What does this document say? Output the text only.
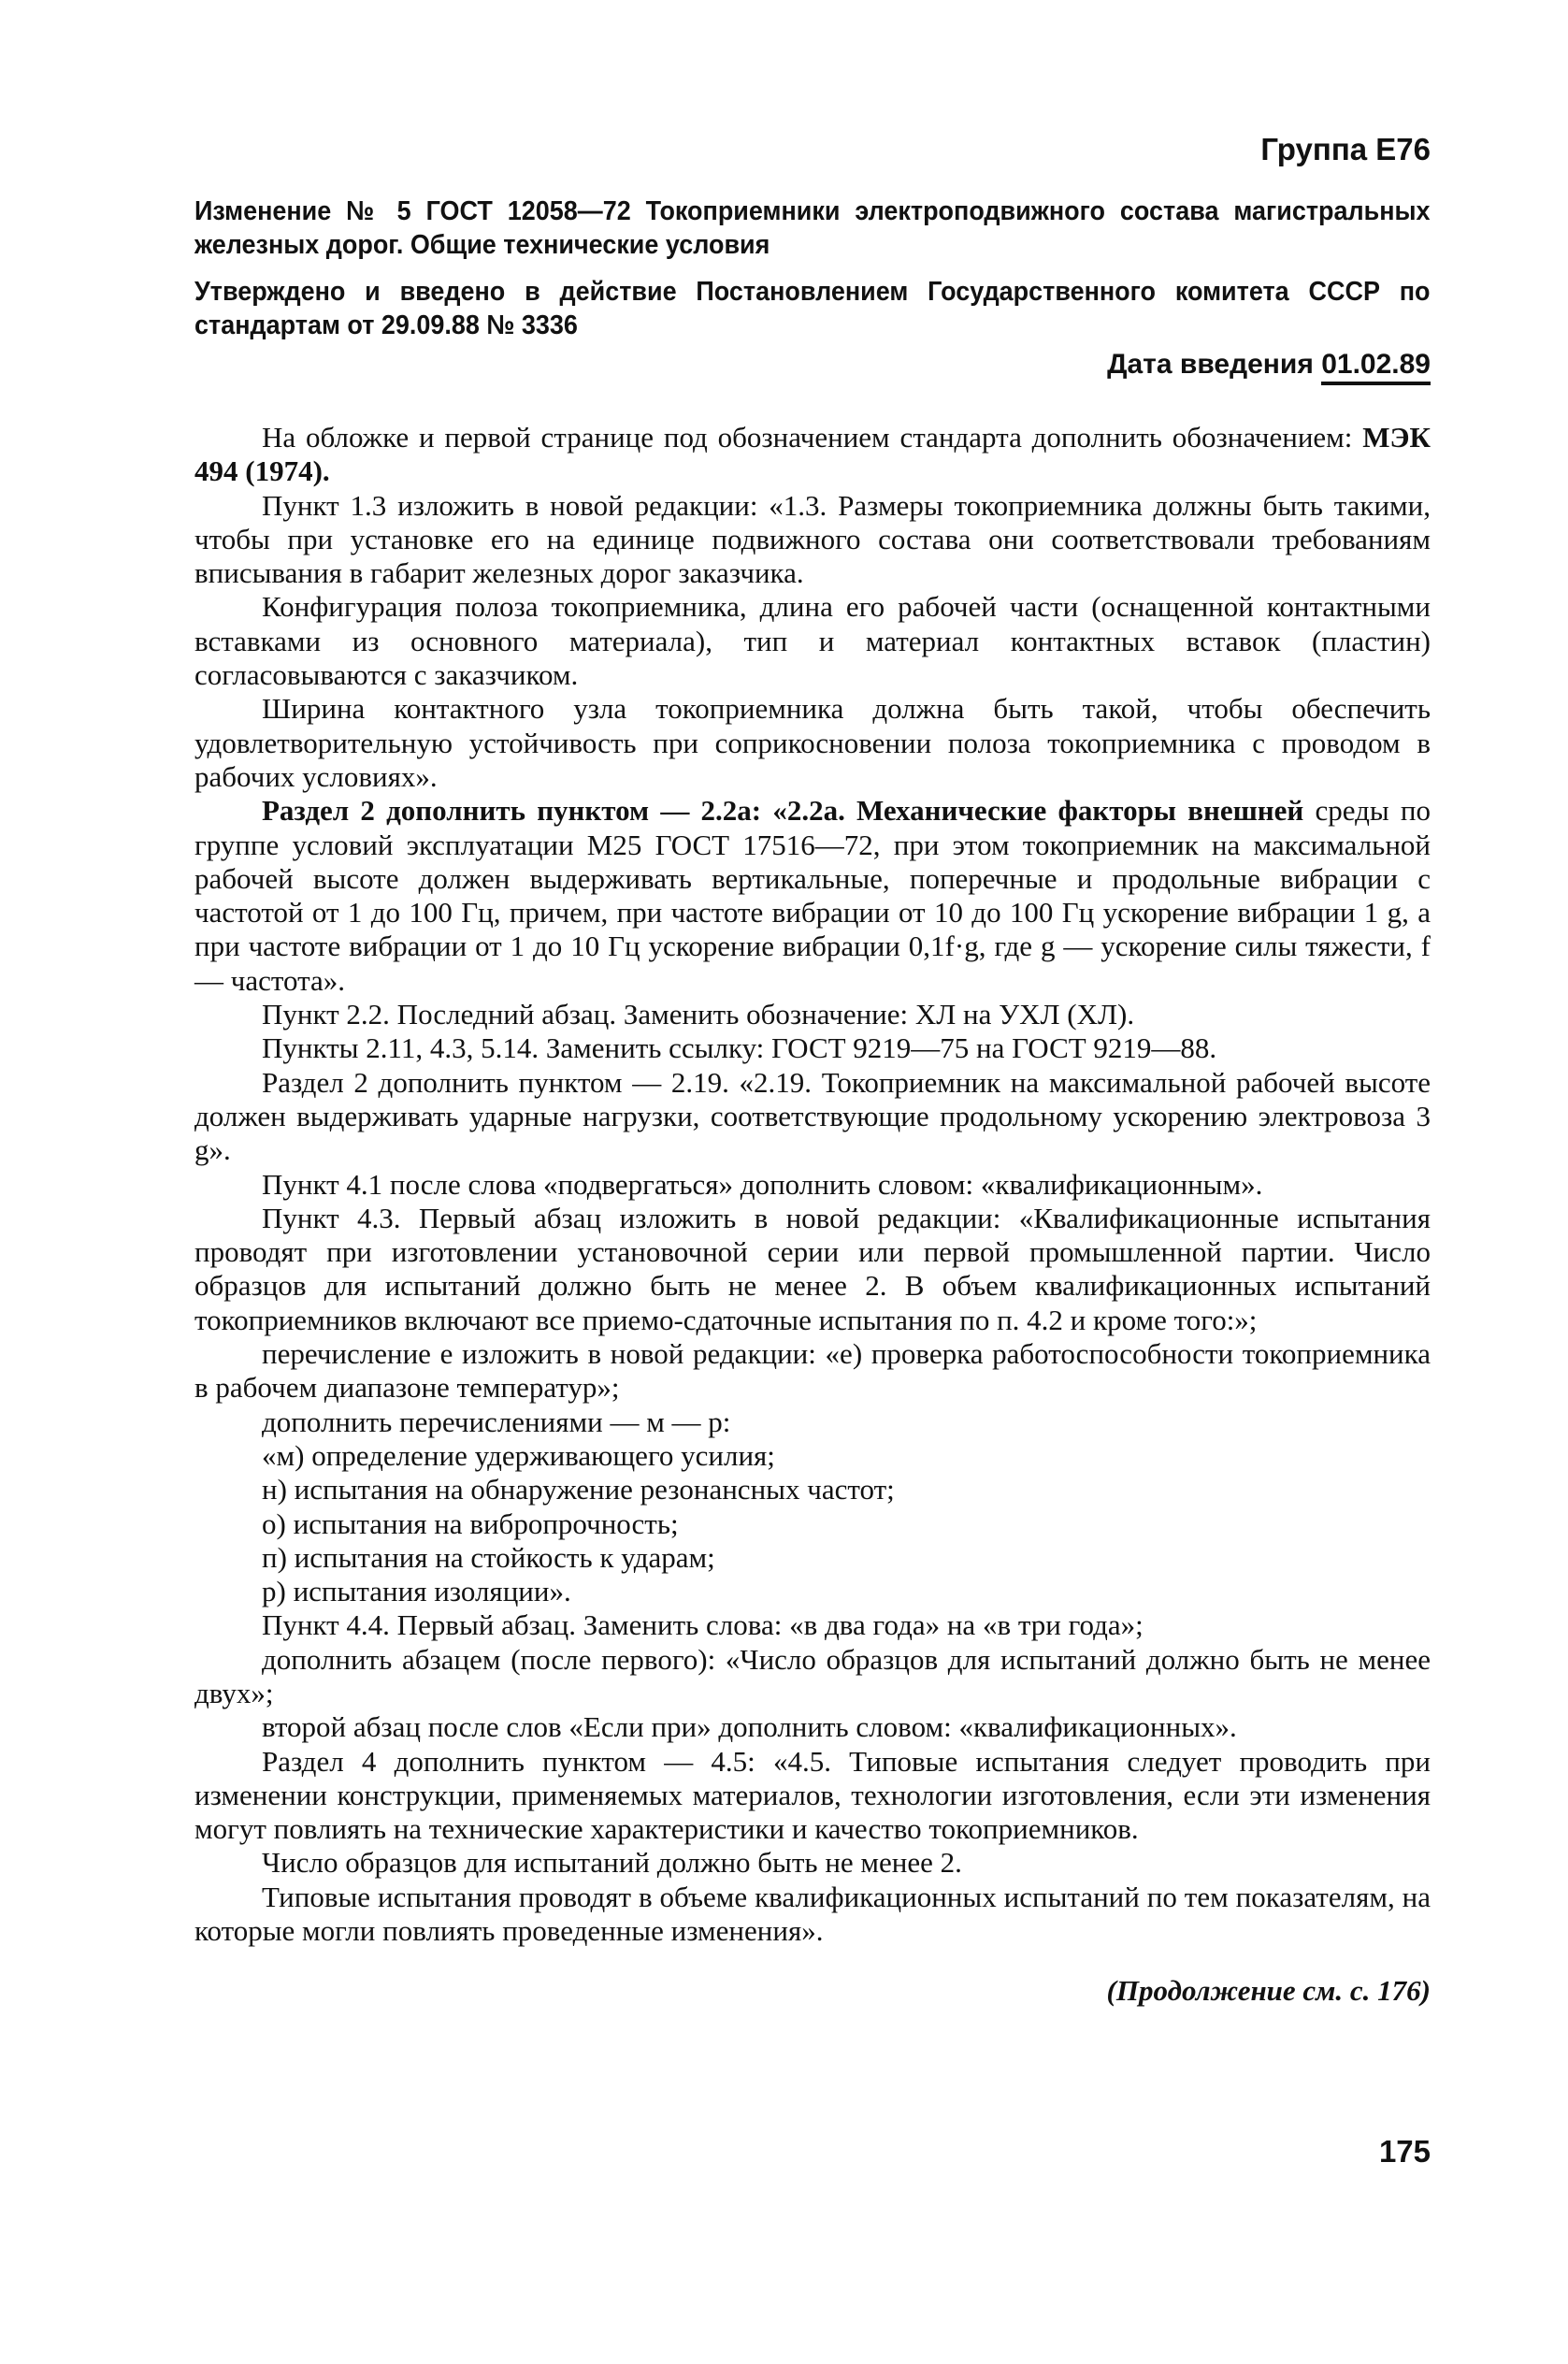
Группа Е76
Изменение № 5 ГОСТ 12058—72 Токоприемники электроподвижного состава магистральных железных дорог. Общие технические условия
Утверждено и введено в действие Постановлением Государственного комитета СССР по стандартам от 29.09.88 № 3336
Дата введения 01.02.89

На обложке и первой странице под обозначением стандарта дополнить обозначением: МЭК 494 (1974).

Пункт 1.3 изложить в новой редакции: «1.3. Размеры токоприемника должны быть такими, чтобы при установке его на единице подвижного состава они соответствовали требованиям вписывания в габарит железных дорог заказчика.

Конфигурация полоза токоприемника, длина его рабочей части (оснащенной контактными вставками из основного материала), тип и материал контактных вставок (пластин) согласовываются с заказчиком.

Ширина контактного узла токоприемника должна быть такой, чтобы обеспечить удовлетворительную устойчивость при соприкосновении полоза токоприемника с проводом в рабочих условиях».

Раздел 2 дополнить пунктом — 2.2а: «2.2а. Механические факторы внешней среды по группе условий эксплуатации М25 ГОСТ 17516—72, при этом токоприемник на максимальной рабочей высоте должен выдерживать вертикальные, поперечные и продольные вибрации с частотой от 1 до 100 Гц, причем, при частоте вибрации от 10 до 100 Гц ускорение вибрации 1 g, а при частоте вибрации от 1 до 10 Гц ускорение вибрации 0,1f·g, где g — ускорение силы тяжести, f — частота».

Пункт 2.2. Последний абзац. Заменить обозначение: ХЛ на УХЛ (ХЛ).

Пункты 2.11, 4.3, 5.14. Заменить ссылку: ГОСТ 9219—75 на ГОСТ 9219—88.

Раздел 2 дополнить пунктом — 2.19. «2.19. Токоприемник на максимальной рабочей высоте должен выдерживать ударные нагрузки, соответствующие продольному ускорению электровоза 3 g».

Пункт 4.1 после слова «подвергаться» дополнить словом: «квалификационным».

Пункт 4.3. Первый абзац изложить в новой редакции: «Квалификационные испытания проводят при изготовлении установочной серии или первой промышленной партии. Число образцов для испытаний должно быть не менее 2. В объем квалификационных испытаний токоприемников включают все приемо-сдаточные испытания по п. 4.2 и кроме того:»;

перечисление е изложить в новой редакции: «е) проверка работоспособности токоприемника в рабочем диапазоне температур»;

дополнить перечислениями — м — р:

«м) определение удерживающего усилия;

н) испытания на обнаружение резонансных частот;

о) испытания на вибропрочность;

п) испытания на стойкость к ударам;

р) испытания изоляции».

Пункт 4.4. Первый абзац. Заменить слова: «в два года» на «в три года»;

дополнить абзацем (после первого): «Число образцов для испытаний должно быть не менее двух»;

второй абзац после слов «Если при» дополнить словом: «квалификационных».

Раздел 4 дополнить пунктом — 4.5: «4.5. Типовые испытания следует проводить при изменении конструкции, применяемых материалов, технологии изготовления, если эти изменения могут повлиять на технические характеристики и качество токоприемников.

Число образцов для испытаний должно быть не менее 2.

Типовые испытания проводят в объеме квалификационных испытаний по тем показателям, на которые могли повлиять проведенные изменения».

(Продолжение см. с. 176)
175
